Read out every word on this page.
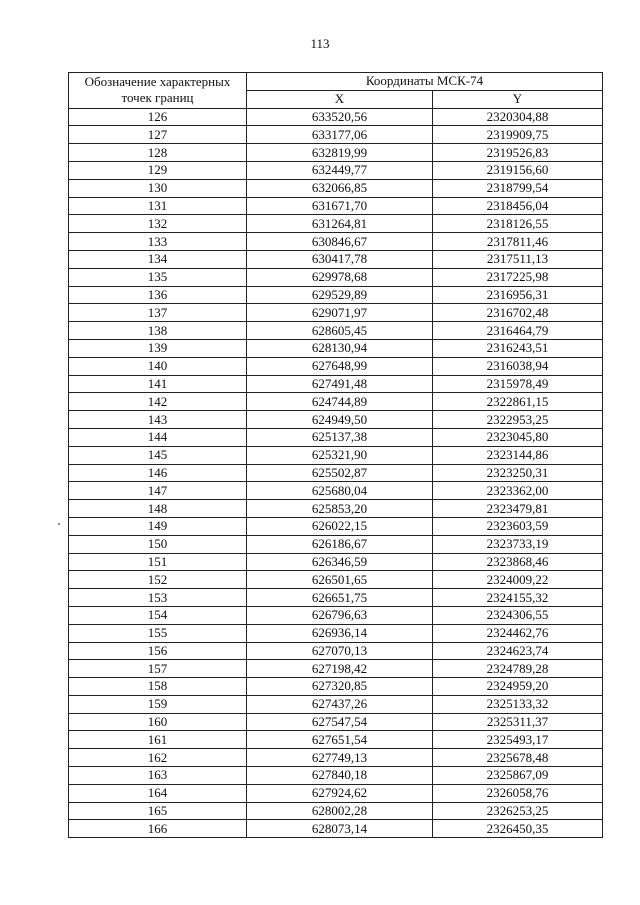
113
Обозначение характерных точек границ	Координаты МСК-74	
	X	Y
126	633520,56	2320304,88
127	633177,06	2319909,75
128	632819,99	2319526,83
129	632449,77	2319156,60
130	632066,85	2318799,54
131	631671,70	2318456,04
132	631264,81	2318126,55
133	630846,67	2317811,46
134	630417,78	2317511,13
135	629978,68	2317225,98
136	629529,89	2316956,31
137	629071,97	2316702,48
138	628605,45	2316464,79
139	628130,94	2316243,51
140	627648,99	2316038,94
141	627491,48	2315978,49
142	624744,89	2322861,15
143	624949,50	2322953,25
144	625137,38	2323045,80
145	625321,90	2323144,86
146	625502,87	2323250,31
147	625680,04	2323362,00
148	625853,20	2323479,81
149	626022,15	2323603,59
150	626186,67	2323733,19
151	626346,59	2323868,46
152	626501,65	2324009,22
153	626651,75	2324155,32
154	626796,63	2324306,55
155	626936,14	2324462,76
156	627070,13	2324623,74
157	627198,42	2324789,28
158	627320,85	2324959,20
159	627437,26	2325133,32
160	627547,54	2325311,37
161	627651,54	2325493,17
162	627749,13	2325678,48
163	627840,18	2325867,09
164	627924,62	2326058,76
165	628002,28	2326253,25
166	628073,14	2326450,35
